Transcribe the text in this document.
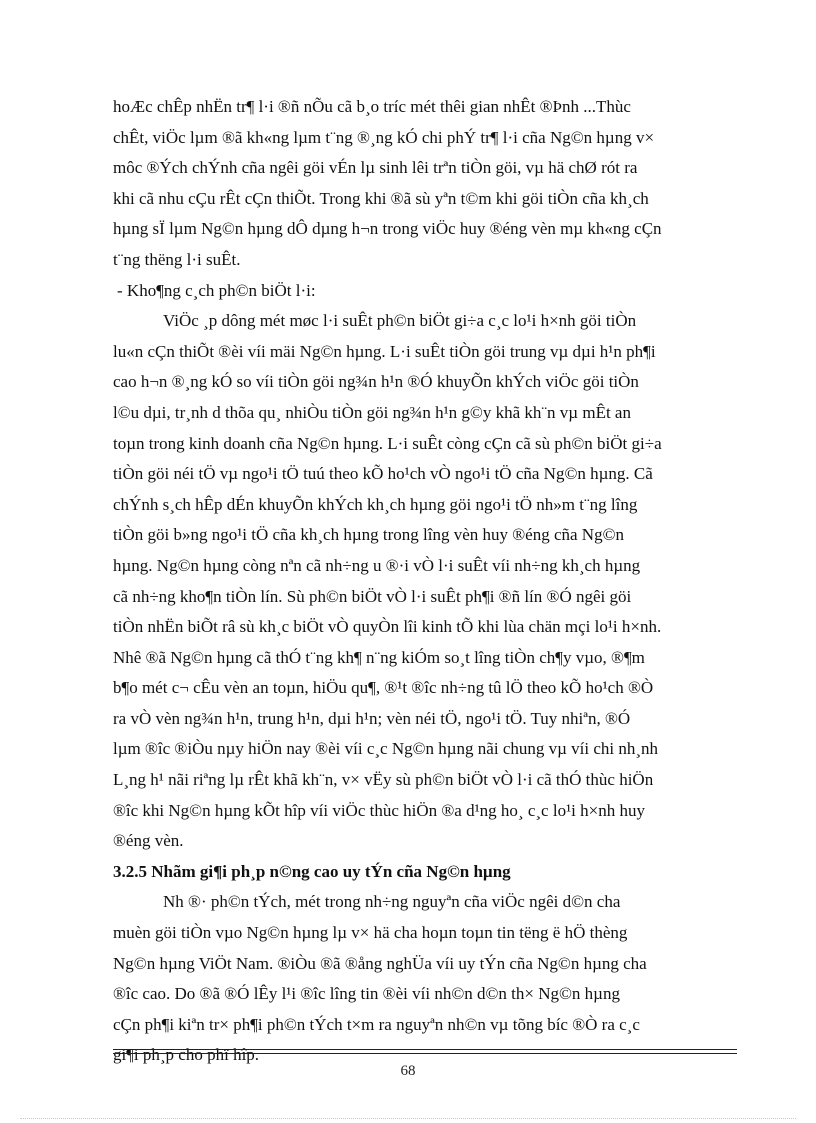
hoÆc chÊp nhËn tr¶ l·i ®ñ nÕu cã b¸o tríc mét thêi gian nhÊt ®Þnh ...Thùc
chÊt, viÖc lµm ®ã kh«ng lµm t¨ng ®¸ng kÓ chi phÝ tr¶ l·i cña Ng©n hµng v×
môc ®Ých chÝnh cña ngêi göi vÉn lµ sinh lêi trªn tiÒn göi, vµ hä chØ rót ra
khi cã nhu cÇu rÊt cÇn thiÕt. Trong khi ®ã sù yªn t©m khi göi tiÒn cña kh¸ch
hµng sÏ lµm Ng©n hµng dÔ dµng h¬n trong viÖc huy ®éng vèn mµ kh«ng cÇn
t¨ng thëng l·i suÊt.
- Kho¶ng c¸ch ph©n biÖt l·i:
ViÖc ¸p dông mét møc l·i suÊt ph©n biÖt gi÷a c¸c lo¹i h×nh göi tiÒn
lu«n cÇn thiÕt ®èi víi mäi Ng©n hµng. L·i suÊt tiÒn göi trung vµ dµi h¹n ph¶i
cao h¬n ®¸ng kÓ so víi tiÒn göi ng¾n h¹n ®Ó khuyÕn khÝch viÖc göi tiÒn
l©u dµi, tr¸nh d thõa qu¸ nhiÒu tiÒn göi ng¾n h¹n g©y khã kh¨n vµ mÊt an
toµn trong kinh doanh cña Ng©n hµng. L·i suÊt còng cÇn cã sù ph©n biÖt gi÷a
tiÒn göi néi tÖ vµ ngo¹i tÖ tuú theo kÕ ho¹ch vÒ ngo¹i tÖ cña Ng©n hµng. Cã
chÝnh s¸ch hÊp dÉn khuyÕn khÝch kh¸ch hµng göi ngo¹i tÖ nh»m t¨ng lîng
tiÒn göi b»ng ngo¹i tÖ cña kh¸ch hµng trong lîng vèn huy ®éng cña Ng©n
hµng. Ng©n hµng còng nªn cã nh÷ng u ®·i vÒ l·i suÊt víi nh÷ng kh¸ch hµng
cã nh÷ng kho¶n tiÒn lín. Sù ph©n biÖt vÒ l·i suÊt ph¶i ®ñ lín ®Ó ngêi göi
tiÒn nhËn biÕt râ sù kh¸c biÖt vÒ quyÒn lîi kinh tÕ khi lùa chän mçi lo¹i h×nh.
Nhê ®ã Ng©n hµng cã thÓ t¨ng kh¶ n¨ng kiÓm so¸t lîng tiÒn ch¶y vµo, ®¶m
b¶o mét c¬ cÊu vèn an toµn, hiÖu qu¶, ®¹t ®îc nh÷ng tû lÖ theo kÕ ho¹ch ®Ò
ra vÒ vèn ng¾n h¹n, trung h¹n, dµi h¹n; vèn néi tÖ, ngo¹i tÖ. Tuy nhiªn, ®Ó
lµm ®îc ®iÒu nµy hiÖn nay ®èi víi c¸c Ng©n hµng nãi chung vµ víi chi nh¸nh
L¸ng h¹ nãi riªng lµ rÊt khã kh¨n, v× vËy sù ph©n biÖt vÒ l·i cã thÓ thùc hiÖn
®îc khi Ng©n hµng kÕt hîp víi viÖc thùc hiÖn ®a d¹ng ho¸ c¸c lo¹i h×nh huy
®éng vèn.
3.2.5 Nhãm gi¶i ph¸p n©ng cao uy tÝn cña Ng©n hµng
Nh ®· ph©n tÝch, mét trong nh÷ng nguyªn cña viÖc ngêi d©n cha
muèn göi tiÒn vµo Ng©n hµng lµ v× hä cha hoµn toµn tin tëng ë hÖ thèng
Ng©n hµng ViÖt Nam. ®iÒu ®ã ®ång nghÜa víi uy tÝn cña Ng©n hµng cha
®îc cao. Do ®ã ®Ó lÊy l¹i ®îc lîng tin ®èi víi nh©n d©n th× Ng©n hµng
cÇn ph¶i kiªn tr× ph¶i ph©n tÝch t×m ra nguyªn nh©n vµ tõng bíc ®Ò ra c¸c
gi¶i ph¸p cho phï hîp.
68
